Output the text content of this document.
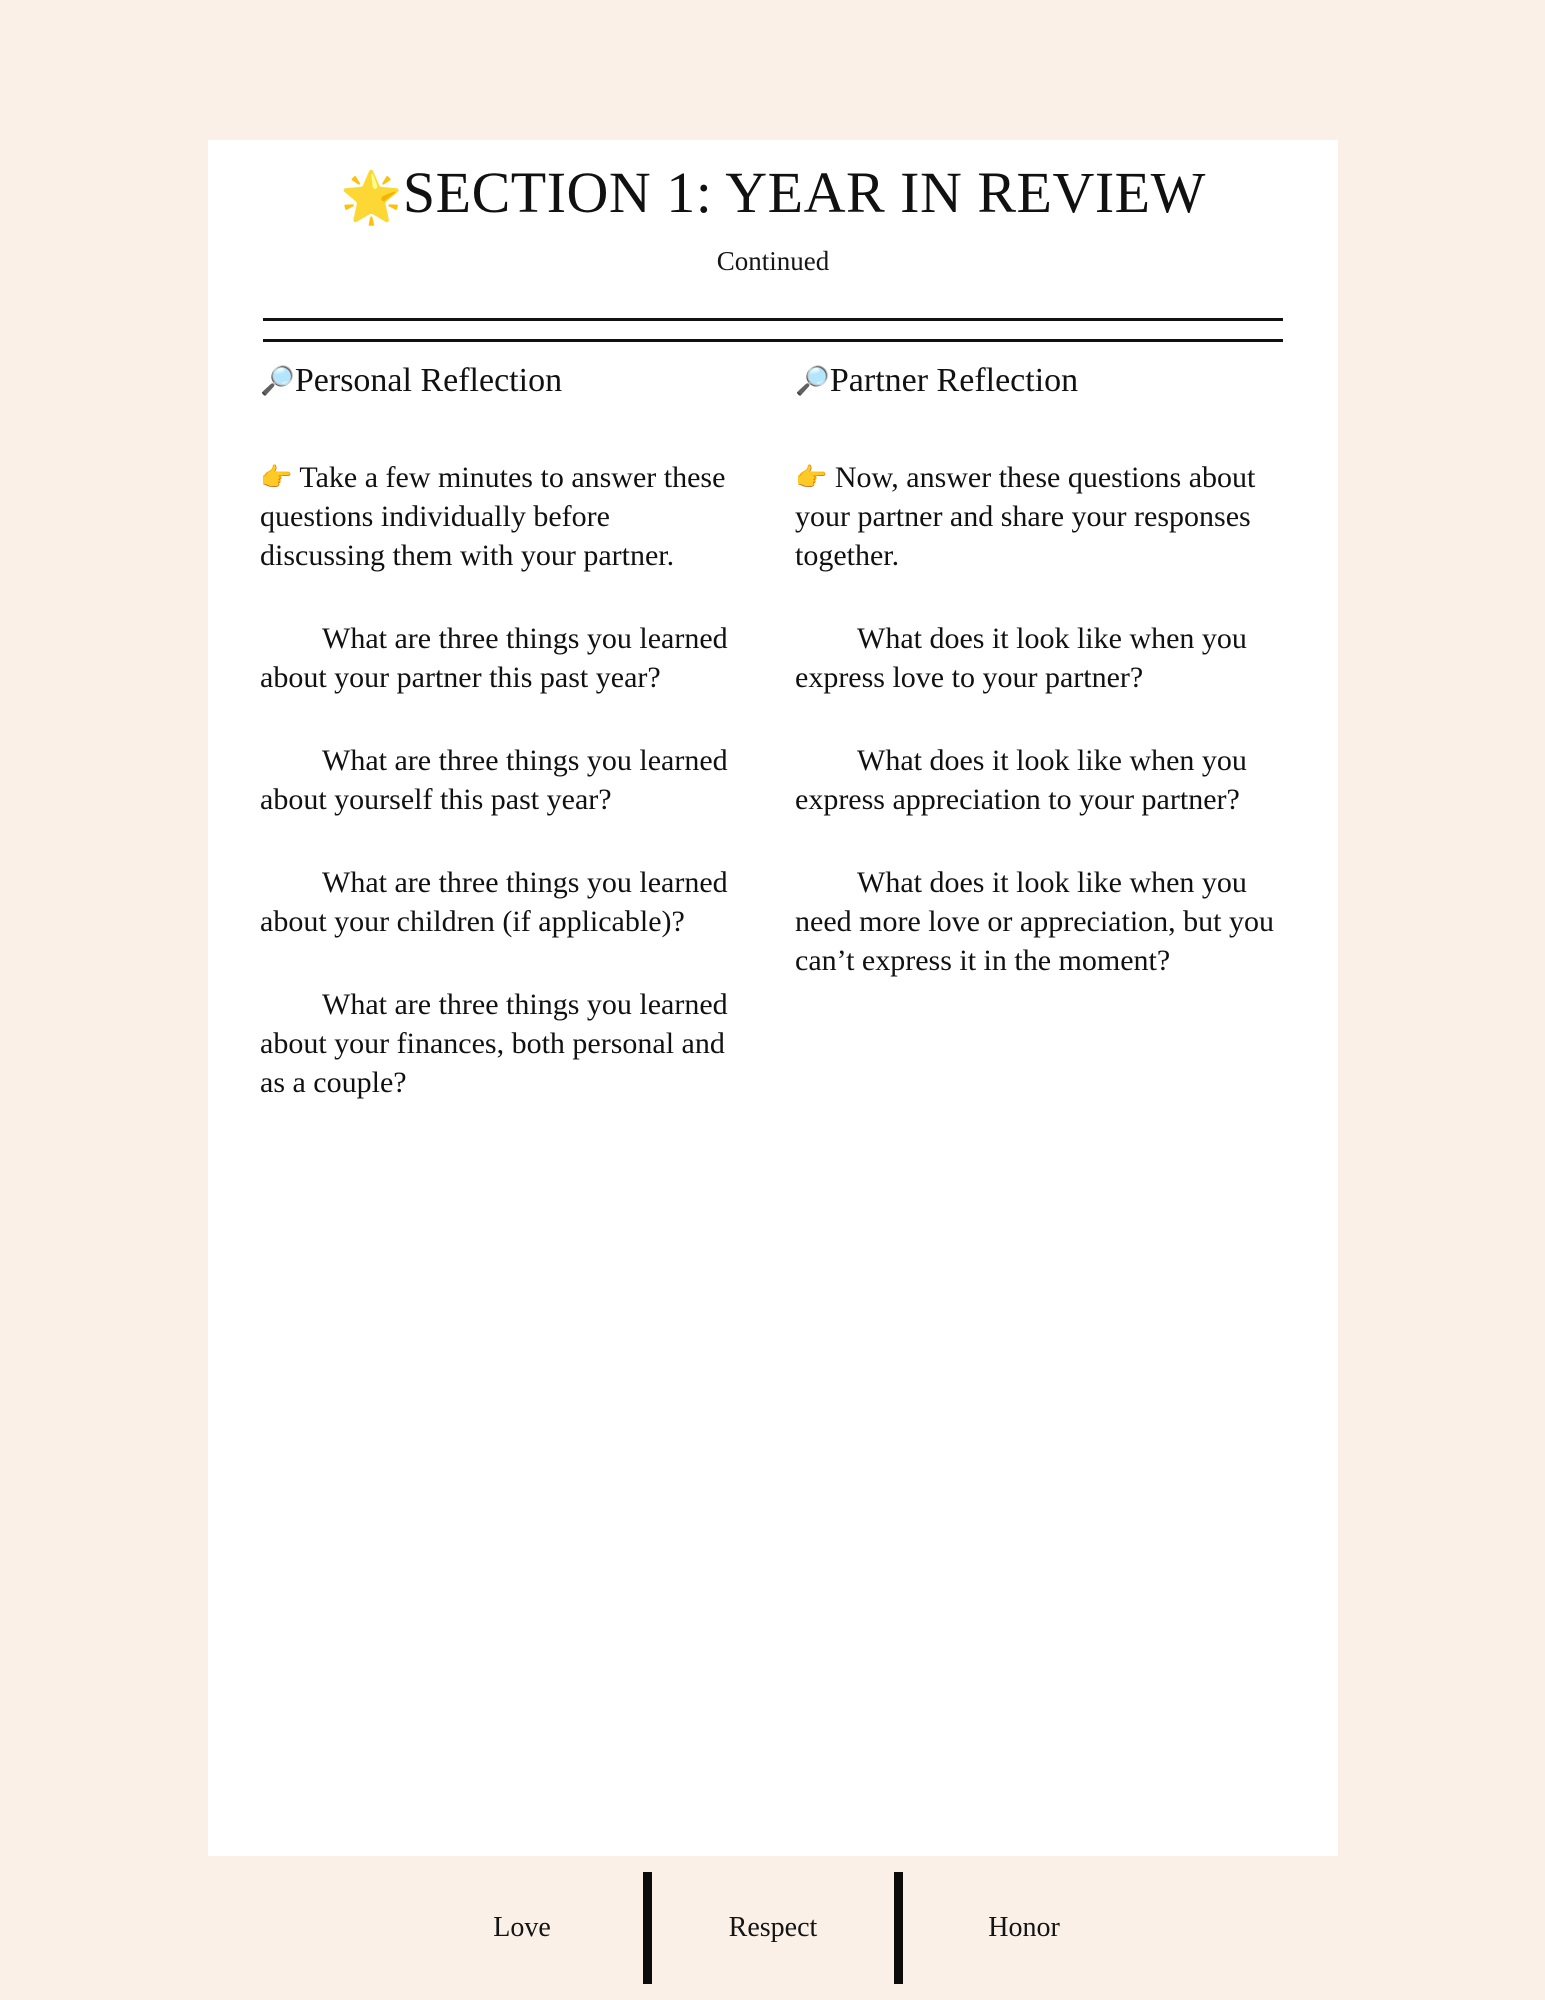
🌟SECTION 1: YEAR IN REVIEW
Continued
🔎Personal Reflection

👉 Take a few minutes to answer these questions individually before discussing them with your partner.

What are three things you learned about your partner this past year?

What are three things you learned about yourself this past year?

What are three things you learned about your children (if applicable)?

What are three things you learned about your finances, both personal and as a couple?

🔎Partner Reflection

👉 Now, answer these questions about your partner and share your responses together.

What does it look like when you express love to your partner?

What does it look like when you express appreciation to your partner?

What does it look like when you need more love or appreciation, but you can’t express it in the moment?

Love	Respect	Honor
